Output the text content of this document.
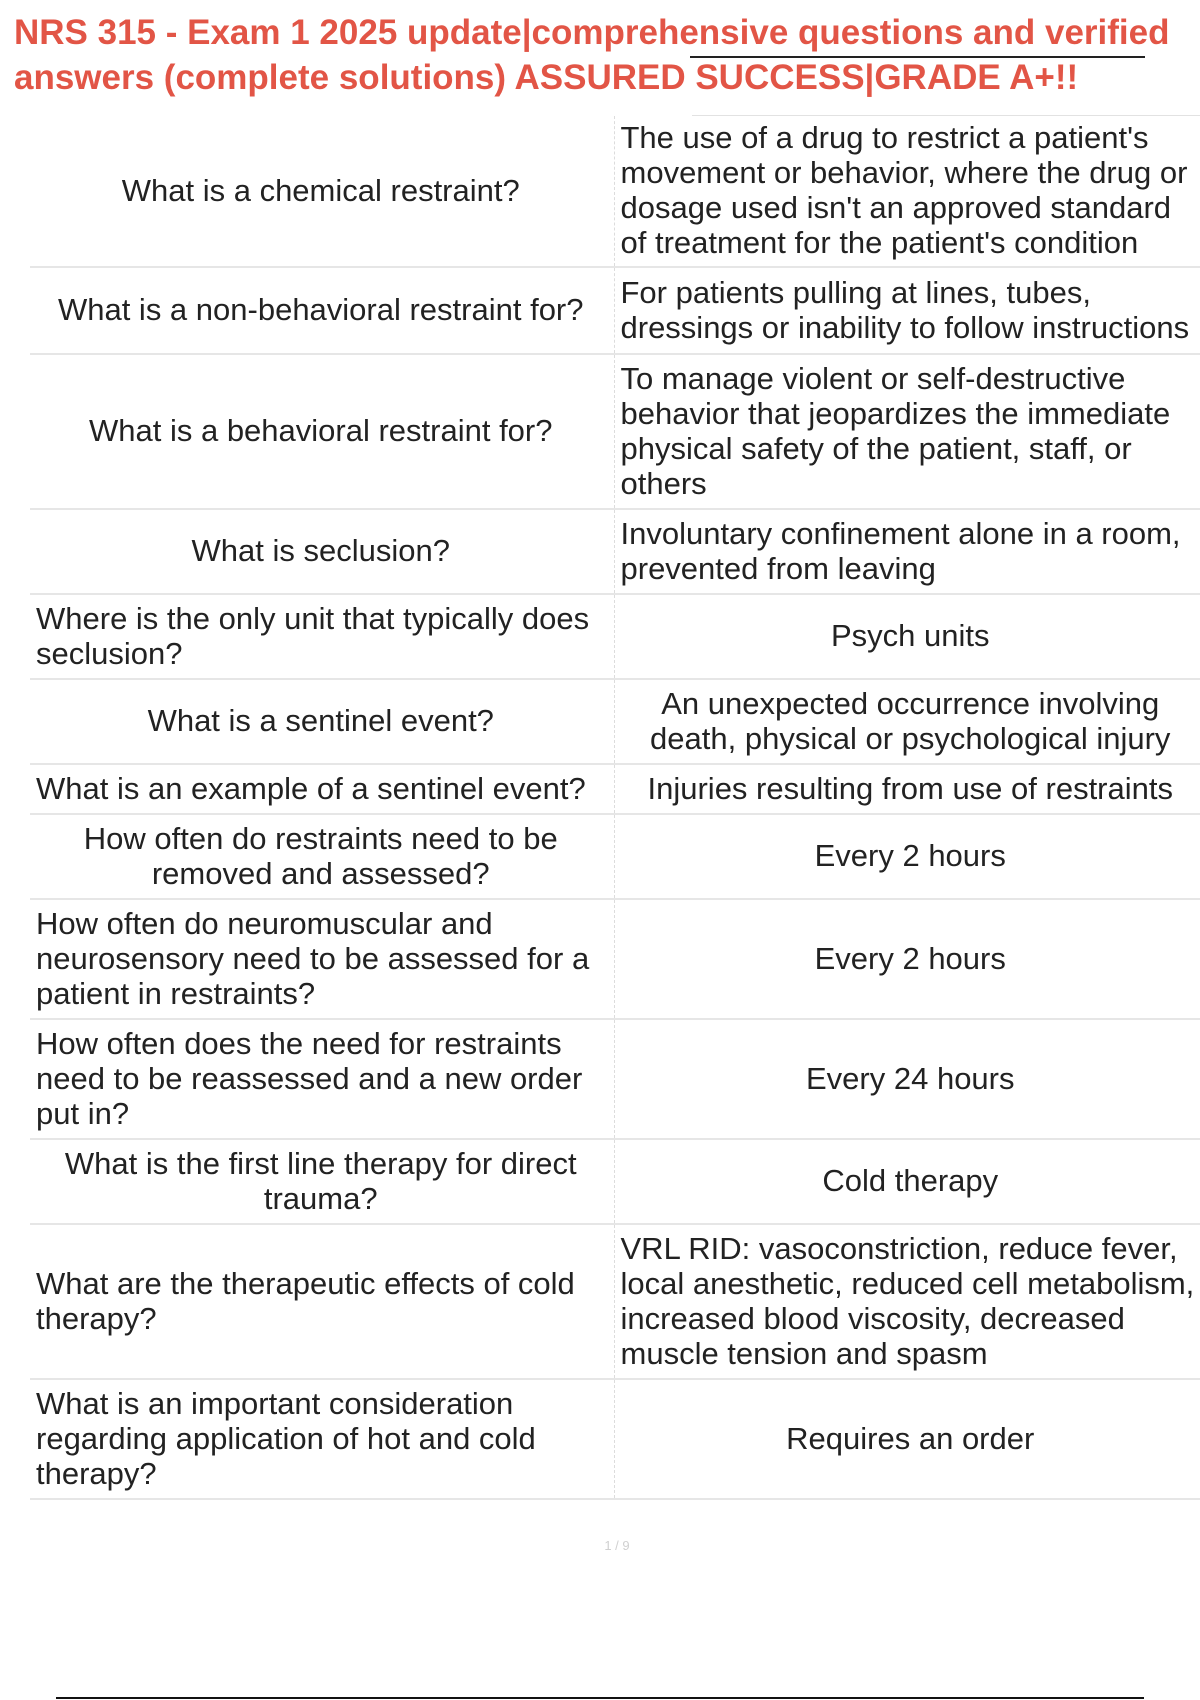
NRS 315 - Exam 1 2025 update|comprehensive questions and verified
answers (complete solutions) ASSURED SUCCESS|GRADE A+!!
What is a chemical restraint?	The use of a drug to restrict a patient's movement or behavior, where the drug or dosage used isn't an approved standard of treatment for the patient's condition
What is a non-behavioral restraint for?	For patients pulling at lines, tubes, dressings or inability to follow instructions
What is a behavioral restraint for?	To manage violent or self-destructive behavior that jeopardizes the immediate physical safety of the patient, staff, or others
What is seclusion?	Involuntary confinement alone in a room, prevented from leaving
Where is the only unit that typically does seclusion?	Psych units
What is a sentinel event?	An unexpected occurrence involving death, physical or psychological injury
What is an example of a sentinel event?	Injuries resulting from use of restraints
How often do restraints need to be removed and assessed?	Every 2 hours
How often do neuromuscular and neurosensory need to be assessed for a patient in restraints?	Every 2 hours
How often does the need for restraints need to be reassessed and a new order put in?	Every 24 hours
What is the first line therapy for direct trauma?	Cold therapy
What are the therapeutic effects of cold therapy?	VRL RID: vasoconstriction, reduce fever, local anesthetic, reduced cell metabolism, increased blood viscosity, decreased muscle tension and spasm
What is an important consideration regarding application of hot and cold therapy?	Requires an order
1 / 9
